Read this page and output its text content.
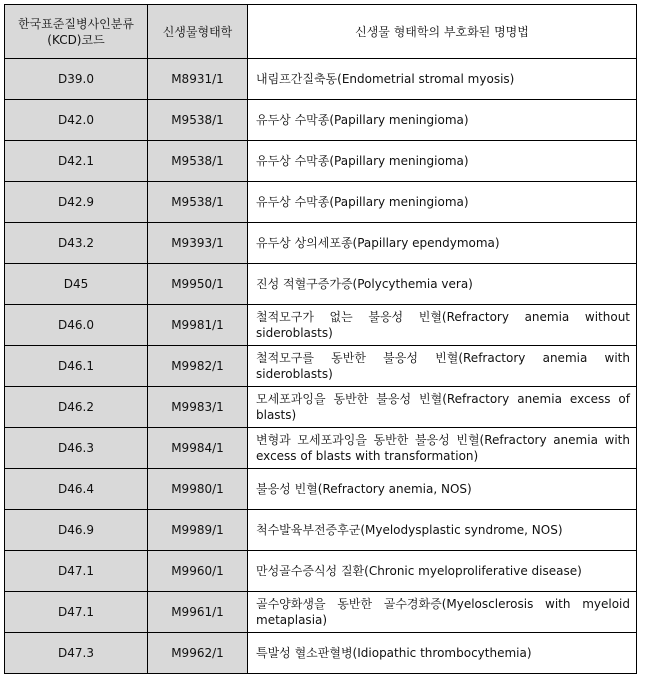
한국표준질병사인분류(KCD)코드	신생물형태학	신생물 형태학의 부호화된 명명법
D39.0	M8931/1	내림프간질축동(Endometrial stromal myosis)
D42.0	M9538/1	유두상 수막종(Papillary meningioma)
D42.1	M9538/1	유두상 수막종(Papillary meningioma)
D42.9	M9538/1	유두상 수막종(Papillary meningioma)
D43.2	M9393/1	유두상 상의세포종(Papillary ependymoma)
D45	M9950/1	진성 적혈구증가증(Polycythemia vera)
D46.0	M9981/1	철적모구가 없는 불응성 빈혈(Refractory anemia without sideroblasts)
D46.1	M9982/1	철적모구를 동반한 불응성 빈혈(Refractory anemia with sideroblasts)
D46.2	M9983/1	모세포과잉을 동반한 불응성 빈혈(Refractory anemia excess of blasts)
D46.3	M9984/1	변형과 모세포과잉을 동반한 불응성 빈혈(Refractory anemia with excess of blasts with transformation)
D46.4	M9980/1	불응성 빈혈(Refractory anemia, NOS)
D46.9	M9989/1	척수발육부전증후군(Myelodysplastic syndrome, NOS)
D47.1	M9960/1	만성골수증식성 질환(Chronic myeloproliferative disease)
D47.1	M9961/1	골수양화생을 동반한 골수경화증(Myelosclerosis with myeloid metaplasia)
D47.3	M9962/1	특발성 혈소판혈병(Idiopathic thrombocythemia)
